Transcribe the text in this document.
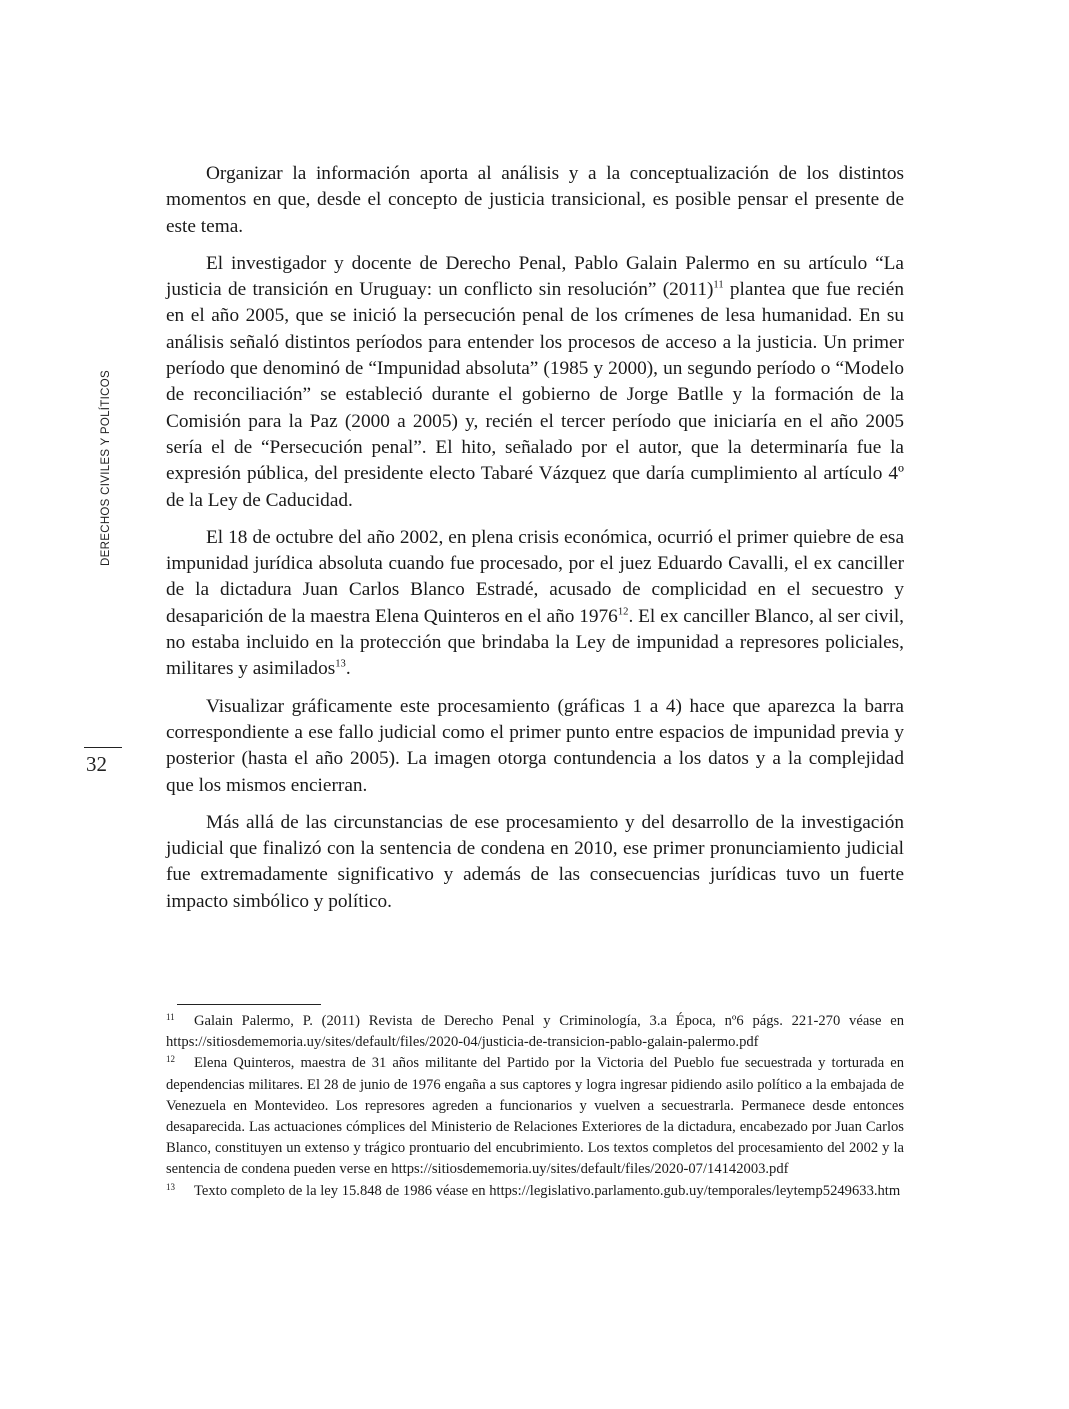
DERECHOS CIVILES Y POLÍTICOS
32

Organizar la información aporta al análisis y a la conceptualización de los distintos momentos en que, desde el concepto de justicia transicional, es posible pensar el presente de este tema.

El investigador y docente de Derecho Penal, Pablo Galain Palermo en su artículo “La justicia de transición en Uruguay: un conflicto sin resolución” $(2011)^{11}$ plantea que fue recién en el año 2005, que se inició la persecución penal de los crímenes de lesa humanidad. En su análisis señaló distintos períodos para entender los procesos de acceso a la justicia. Un primer período que denominó de “Impunidad absoluta” (1985 y 2000), un segundo período o “Modelo de reconciliación” se estableció durante el gobierno de Jorge Batlle y la formación de la Comisión para la Paz (2000 a 2005) y, recién el tercer período que iniciaría en el año 2005 sería el de “Persecución penal”. El hito, señalado por el autor, que la determinaría fue la expresión pública, del presidente electo Tabaré Vázquez que daría cumplimiento al artículo 4º de la Ley de Caducidad.

El 18 de octubre del año 2002, en plena crisis económica, ocurrió el primer quiebre de esa impunidad jurídica absoluta cuando fue procesado, por el juez Eduardo Cavalli, el ex canciller de la dictadura Juan Carlos Blanco Estradé, acusado de complicidad en el secuestro y desaparición de la maestra Elena Quinteros en el año 1976$^{12}$. El ex canciller Blanco, al ser civil, no estaba incluido en la protección que brindaba la Ley de impunidad a represores policiales, militares y asimilados$^{13}$.

Visualizar gráficamente este procesamiento (gráficas 1 a 4) hace que aparezca la barra correspondiente a ese fallo judicial como el primer punto entre espacios de impunidad previa y posterior (hasta el año 2005). La imagen otorga contundencia a los datos y a la complejidad que los mismos encierran.

Más allá de las circunstancias de ese procesamiento y del desarrollo de la investigación judicial que finalizó con la sentencia de condena en 2010, ese primer pronunciamiento judicial fue extremadamente significativo y además de las consecuencias jurídicas tuvo un fuerte impacto simbólico y político.

11 Galain Palermo, P. (2011) Revista de Derecho Penal y Criminología, 3.a Época, nº6 págs. 221-270 véase en https://sitiosdememoria.uy/sites/default/files/2020-04/justicia-de-transicion-pablo-galain-palermo.pdf

12 Elena Quinteros, maestra de 31 años militante del Partido por la Victoria del Pueblo fue secuestrada y torturada en dependencias militares. El 28 de junio de 1976 engaña a sus captores y logra ingresar pidiendo asilo político a la embajada de Venezuela en Montevideo. Los represores agreden a funcionarios y vuelven a secuestrarla. Permanece desde entonces desaparecida. Las actuaciones cómplices del Ministerio de Relaciones Exteriores de la dictadura, encabezado por Juan Carlos Blanco, constituyen un extenso y trágico prontuario del encubrimiento. Los textos completos del procesamiento del 2002 y la sentencia de condena pueden verse en https://sitiosdememoria.uy/sites/default/files/2020-07/14142003.pdf

13 Texto completo de la ley 15.848 de 1986 véase en https://legislativo.parlamento.gub.uy/temporales/leytemp5249633.htm
